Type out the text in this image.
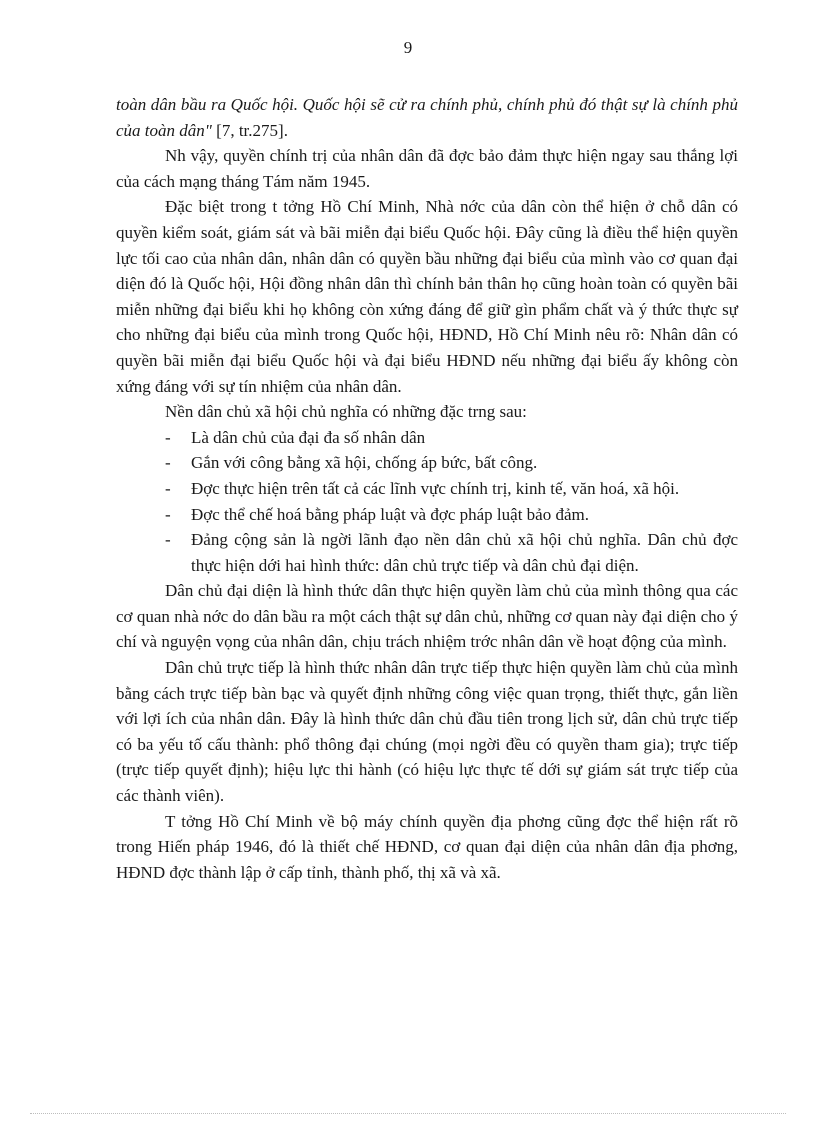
9

toàn dân bầu ra Quốc hội. Quốc hội sẽ cử ra chính phủ, chính phủ đó thật sự là chính phủ của toàn dân" [7, tr.275].

Nh vậy, quyền chính trị của nhân dân đã đợc bảo đảm thực hiện ngay sau thắng lợi của cách mạng tháng Tám năm 1945.

Đặc biệt trong t tởng Hồ Chí Minh, Nhà nớc của dân còn thể hiện ở chỗ dân có quyền kiểm soát, giám sát và bãi miễn đại biểu Quốc hội. Đây cũng là điều thể hiện quyền lực tối cao của nhân dân, nhân dân có quyền bầu những đại biểu của mình vào cơ quan đại diện đó là Quốc hội, Hội đồng nhân dân thì chính bản thân họ cũng hoàn toàn có quyền bãi miễn những đại biểu khi họ không còn xứng đáng để giữ gìn phẩm chất và ý thức thực sự cho những đại biểu của mình trong Quốc hội, HĐND, Hồ Chí Minh nêu rõ: Nhân dân có quyền bãi miễn đại biểu Quốc hội và đại biểu HĐND nếu những đại biểu ấy không còn xứng đáng với sự tín nhiệm của nhân dân.

Nền dân chủ xã hội chủ nghĩa có những đặc trng sau:

- Là dân chủ của đại đa số nhân dân
- Gắn với công bằng xã hội, chống áp bức, bất công.
- Đợc thực hiện trên tất cả các lĩnh vực chính trị, kinh tế, văn hoá, xã hội.
- Đợc thể chế hoá bằng pháp luật và đợc pháp luật bảo đảm.
- Đảng cộng sản là ngời lãnh đạo nền dân chủ xã hội chủ nghĩa. Dân chủ đợc thực hiện dới hai hình thức: dân chủ trực tiếp và dân chủ đại diện.

Dân chủ đại diện là hình thức dân thực hiện quyền làm chủ của mình thông qua các cơ quan nhà nớc do dân bầu ra một cách thật sự dân chủ, những cơ quan này đại diện cho ý chí và nguyện vọng của nhân dân, chịu trách nhiệm trớc nhân dân về hoạt động của mình.

Dân chủ trực tiếp là hình thức nhân dân trực tiếp thực hiện quyền làm chủ của mình bằng cách trực tiếp bàn bạc và quyết định những công việc quan trọng, thiết thực, gắn liền với lợi ích của nhân dân. Đây là hình thức dân chủ đầu tiên trong lịch sử, dân chủ trực tiếp có ba yếu tố cấu thành: phổ thông đại chúng (mọi ngời đều có quyền tham gia); trực tiếp (trực tiếp quyết định); hiệu lực thi hành (có hiệu lực thực tế dới sự giám sát trực tiếp của các thành viên).

T tởng Hồ Chí Minh về bộ máy chính quyền địa phơng cũng đợc thể hiện rất rõ trong Hiến pháp 1946, đó là thiết chế HĐND, cơ quan đại diện của nhân dân địa phơng, HĐND đợc thành lập ở cấp tỉnh, thành phố, thị xã và xã.
